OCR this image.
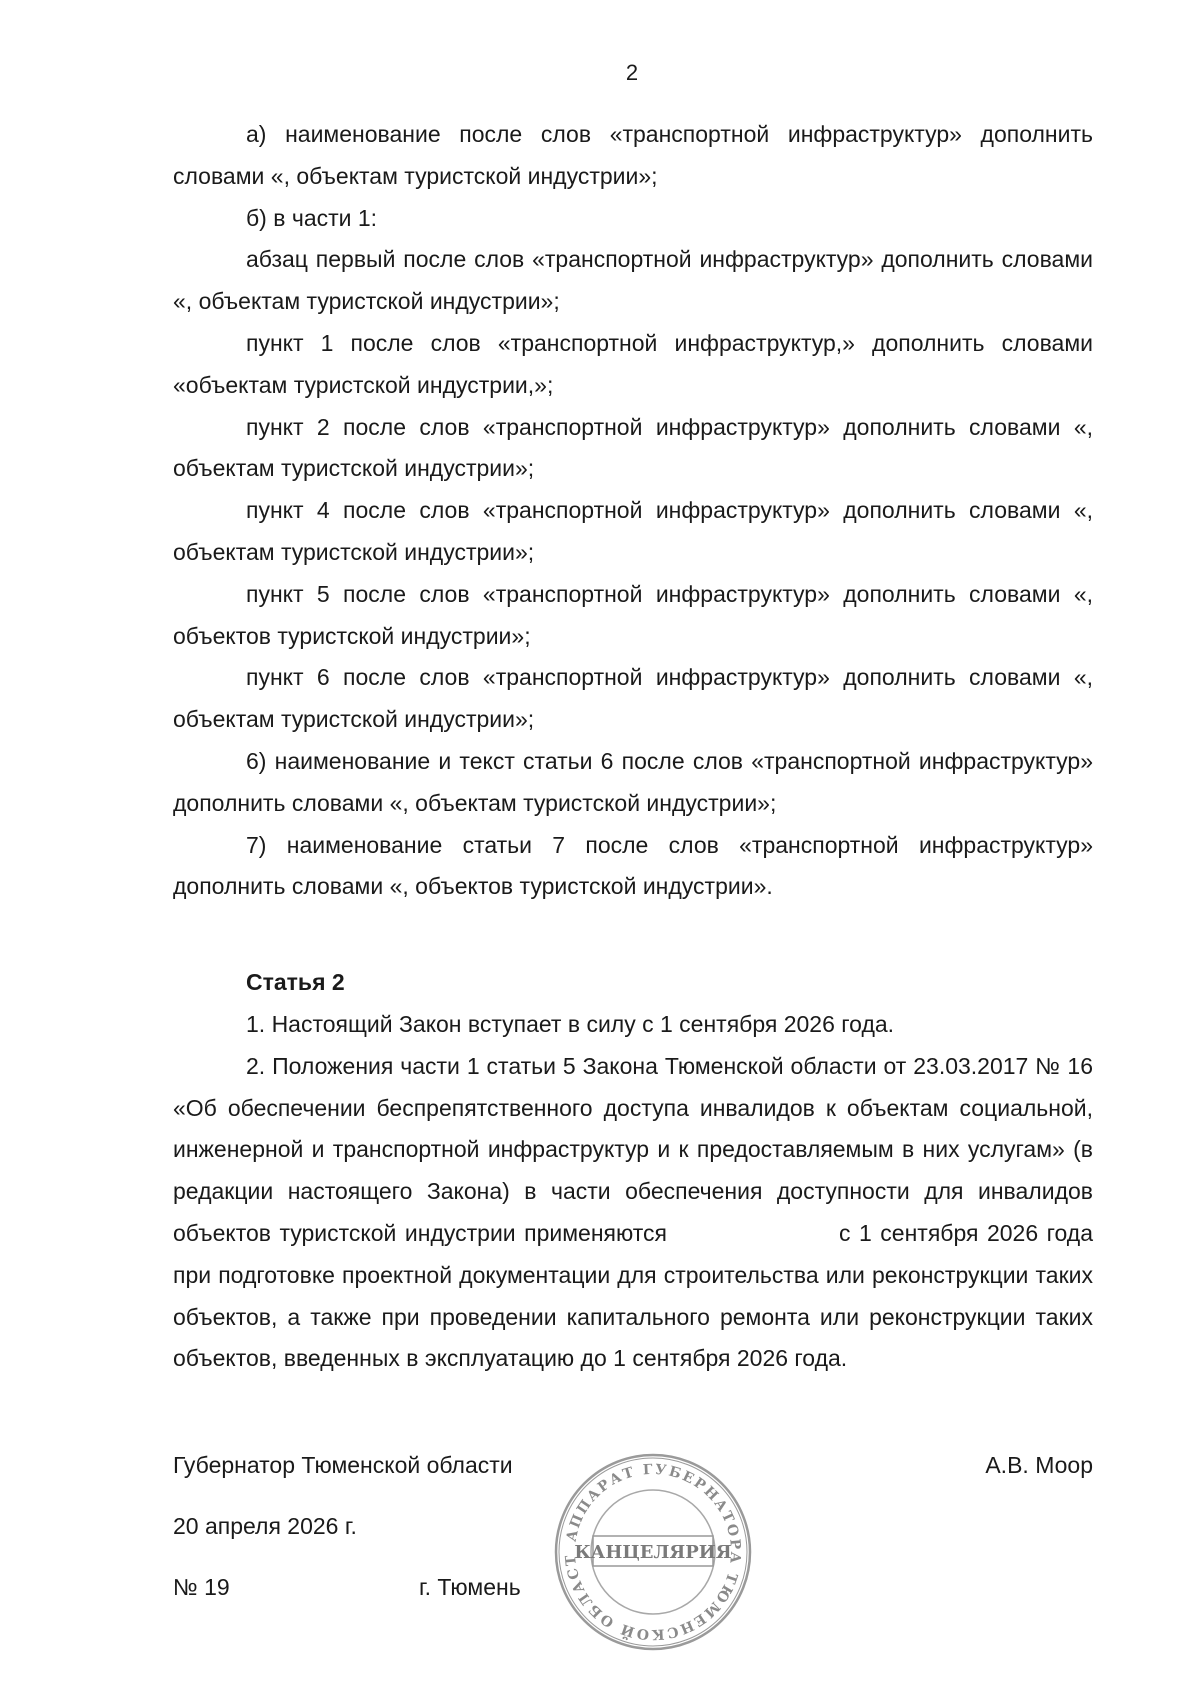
2

а) наименование после слов «транспортной инфраструктур» дополнить словами «, объектам туристской индустрии»;

б) в части 1:

абзац первый после слов «транспортной инфраструктур» дополнить словами «, объектам туристской индустрии»;

пункт 1 после слов «транспортной инфраструктур,» дополнить словами «объектам туристской индустрии,»;

пункт 2 после слов «транспортной инфраструктур» дополнить словами «, объектам туристской индустрии»;

пункт 4 после слов «транспортной инфраструктур» дополнить словами «, объектам туристской индустрии»;

пункт 5 после слов «транспортной инфраструктур» дополнить словами «, объектов туристской индустрии»;

пункт 6 после слов «транспортной инфраструктур» дополнить словами «, объектам туристской индустрии»;

6) наименование и текст статьи 6 после слов «транспортной инфраструктур» дополнить словами «, объектам туристской индустрии»;

7) наименование статьи 7 после слов «транспортной инфраструктур» дополнить словами «, объектов туристской индустрии».

Статья 2

1. Настоящий Закон вступает в силу с 1 сентября 2026 года.

2. Положения части 1 статьи 5 Закона Тюменской области от 23.03.2017 № 16 «Об обеспечении беспрепятственного доступа инвалидов к объектам социальной, инженерной и транспортной инфраструктур и к предоставляемым в них услугам» (в редакции настоящего Закона) в части обеспечения доступности для инвалидов объектов туристской индустрии применяются	с 1 сентября 2026 года при подготовке проектной документации для строительства или реконструкции таких объектов, а также при проведении капитального ремонта или реконструкции таких объектов, введенных в эксплуатацию до 1 сентября 2026 года.

Губернатор Тюменской области	А.В. Моор
20 апреля 2026 г.
№ 19	г. Тюмень
АППАРАТ ГУБЕРНАТОРА ТЮМЕНСКОЙ ОБЛАСТ
КАНЦЕЛЯРИЯ
